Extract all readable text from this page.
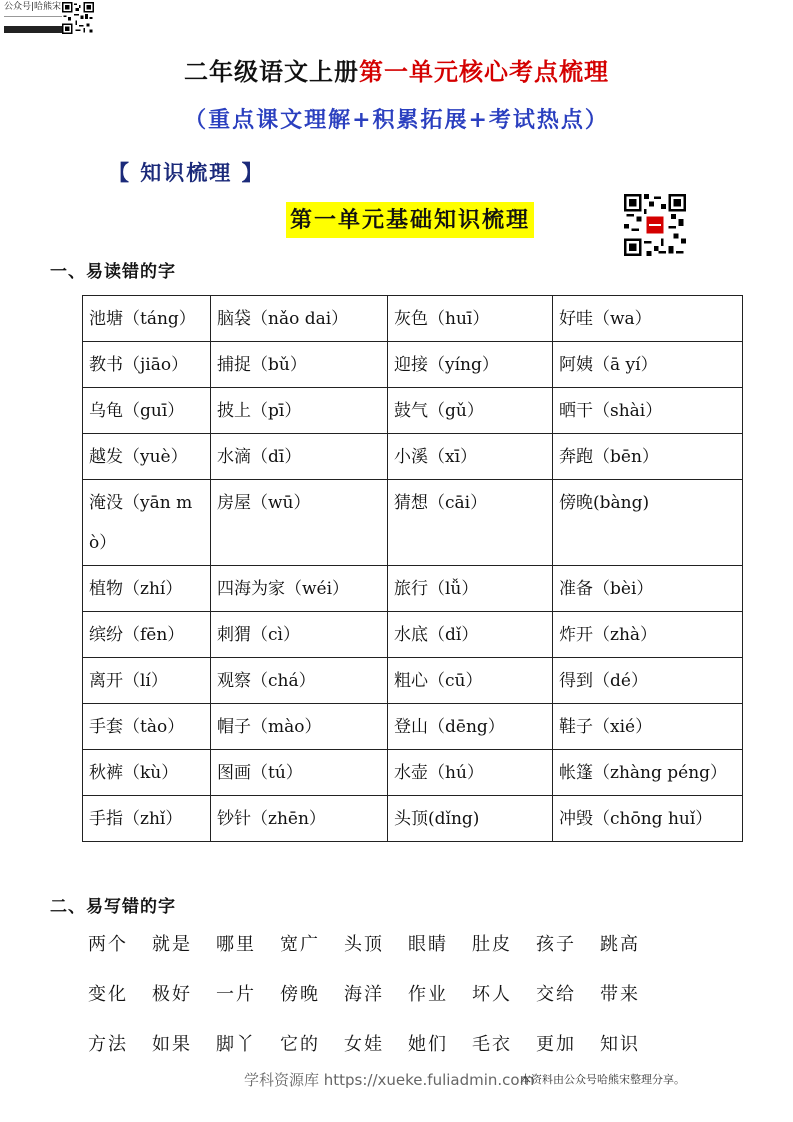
公众号|哈熊宋
二年级语文上册第一单元核心考点梳理
（重点课文理解+积累拓展+考试热点）
【 知识梳理 】
第一单元基础知识梳理
一、易读错的字
池塘（táng）	脑袋（nǎo dai）	灰色（huī）	好哇（wa）
教书（jiāo）	捕捉（bǔ）	迎接（yíng）	阿姨（ā yí）
乌龟（guī）	披上（pī）	鼓气（gǔ）	晒干（shài）
越发（yuè）	水滴（dī）	小溪（xī）	奔跑（bēn）
淹没（yān mò）	房屋（wū）	猜想（cāi）	傍晚(bàng)
植物（zhí）	四海为家（wéi）	旅行（lǚ）	准备（bèi）
缤纷（fēn）	刺猬（cì）	水底（dǐ）	炸开（zhà）
离开（lí）	观察（chá）	粗心（cū）	得到（dé）
手套（tào）	帽子（mào）	登山（dēng）	鞋子（xié）
秋裤（kù）	图画（tú）	水壶（hú）	帐篷（zhàng péng）
手指（zhǐ）	钞针（zhēn）	头顶(dǐng)	冲毁（chōng huǐ）
二、易写错的字
两个	就是	哪里	宽广	头顶	眼睛	肚皮	孩子	跳高
变化	极好	一片	傍晚	海洋	作业	坏人	交给	带来
方法	如果	脚丫	它的	女娃	她们	毛衣	更加	知识
学科资源库 https://xueke.fuliadmin.com
本资料由公众号哈熊宋整理分享。
